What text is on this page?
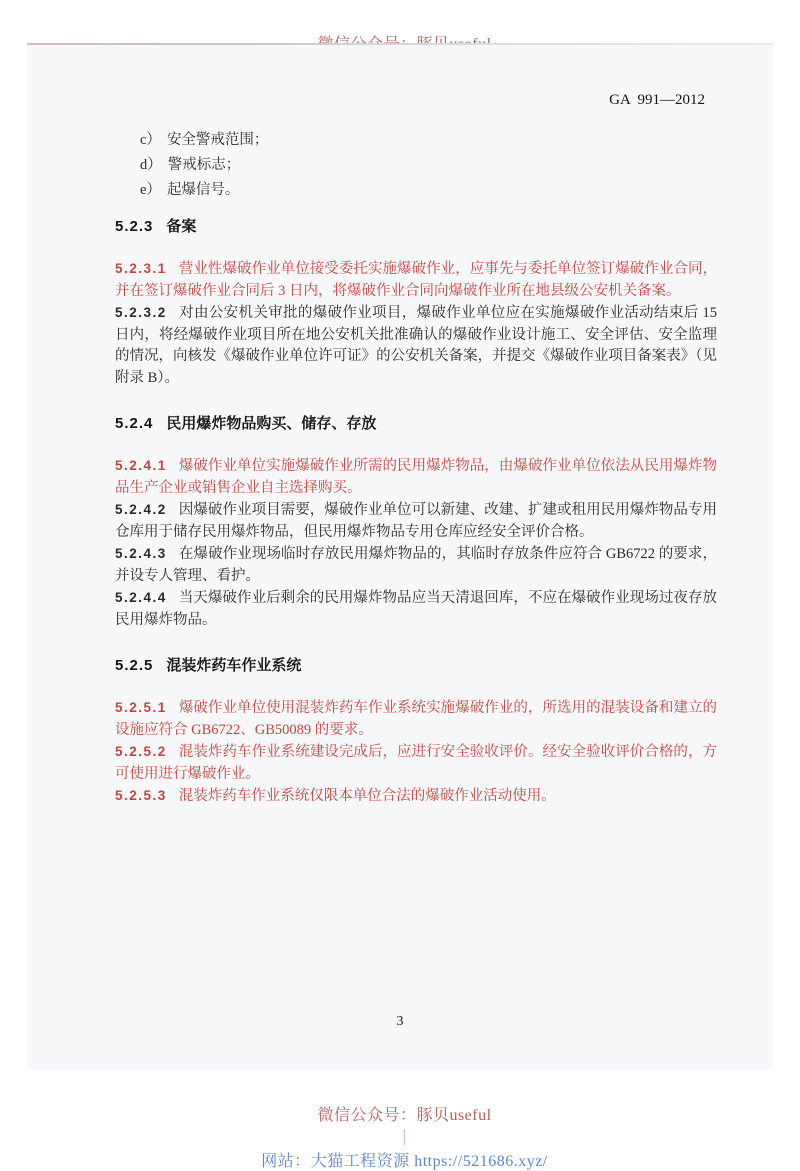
GA  991—2012
c） 安全警戒范围；
d） 警戒标志；
e） 起爆信号。
5.2.3 备案

5.2.3.1 营业性爆破作业单位接受委托实施爆破作业，应事先与委托单位签订爆破作业合同，并在签订爆破作业合同后 3 日内，将爆破作业合同向爆破作业所在地县级公安机关备案。

5.2.3.2 对由公安机关审批的爆破作业项目，爆破作业单位应在实施爆破作业活动结束后 15 日内，将经爆破作业项目所在地公安机关批准确认的爆破作业设计施工、安全评估、安全监理的情况，向核发《爆破作业单位许可证》的公安机关备案，并提交《爆破作业项目备案表》（见附录 B）。

5.2.4 民用爆炸物品购买、储存、存放

5.2.4.1 爆破作业单位实施爆破作业所需的民用爆炸物品，由爆破作业单位依法从民用爆炸物品生产企业或销售企业自主选择购买。

5.2.4.2 因爆破作业项目需要，爆破作业单位可以新建、改建、扩建或租用民用爆炸物品专用仓库用于储存民用爆炸物品，但民用爆炸物品专用仓库应经安全评价合格。

5.2.4.3 在爆破作业现场临时存放民用爆炸物品的，其临时存放条件应符合 GB6722 的要求，并设专人管理、看护。

5.2.4.4 当天爆破作业后剩余的民用爆炸物品应当天清退回库，不应在爆破作业现场过夜存放民用爆炸物品。

5.2.5 混装炸药车作业系统

5.2.5.1 爆破作业单位使用混装炸药车作业系统实施爆破作业的，所选用的混装设备和建立的设施应符合 GB6722、GB50089 的要求。

5.2.5.2 混装炸药车作业系统建设完成后，应进行安全验收评价。经安全验收评价合格的，方可使用进行爆破作业。

5.2.5.3 混装炸药车作业系统仅限本单位合法的爆破作业活动使用。

3

微信公众号：豚贝useful
｜
网站：大猫工程资源 https://521686.xyz/
